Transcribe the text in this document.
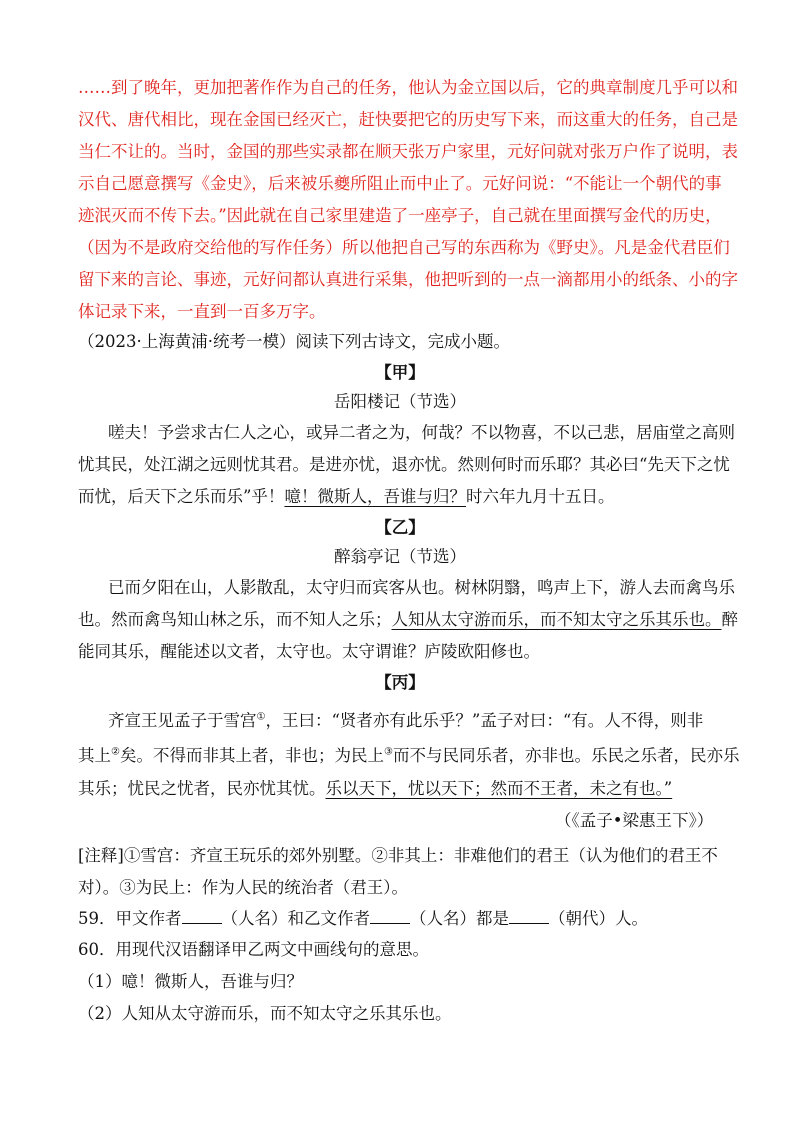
……到了晚年，更加把著作作为自己的任务，他认为金立国以后，它的典章制度几乎可以和

汉代、唐代相比，现在金国已经灭亡，赶快要把它的历史写下来，而这重大的任务，自己是

当仁不让的。当时，金国的那些实录都在顺天张万户家里，元好问就对张万户作了说明，表

示自己愿意撰写《金史》，后来被乐夔所阻止而中止了。元好问说：“不能让一个朝代的事

迹泯灭而不传下去。”因此就在自己家里建造了一座亭子，自己就在里面撰写金代的历史，

（因为不是政府交给他的写作任务）所以他把自己写的东西称为《野史》。凡是金代君臣们

留下来的言论、事迹，元好问都认真进行采集，他把听到的一点一滴都用小的纸条、小的字

体记录下来，一直到一百多万字。

（2023·上海黄浦·统考一模）阅读下列古诗文，完成小题。
【甲】
岳阳楼记（节选）
嗟夫！予尝求古仁人之心，或异二者之为，何哉？不以物喜，不以己悲，居庙堂之高则
忧其民，处江湖之远则忧其君。是进亦忧，退亦忧。然则何时而乐耶？其必曰“先天下之忧
而忧，后天下之乐而乐”乎！噫！微斯人，吾谁与归？时六年九月十五日。
【乙】
醉翁亭记（节选）
已而夕阳在山，人影散乱，太守归而宾客从也。树林阴翳，鸣声上下，游人去而禽鸟乐
也。然而禽鸟知山林之乐，而不知人之乐；人知从太守游而乐，而不知太守之乐其乐也。醉
能同其乐，醒能述以文者，太守也。太守谓谁？庐陵欧阳修也。
【丙】
齐宣王见孟子于雪宫①，王曰：“贤者亦有此乐乎？”孟子对曰：“有。人不得，则非
其上②矣。不得而非其上者，非也；为民上③而不与民同乐者，亦非也。乐民之乐者，民亦乐
其乐；忧民之忧者，民亦忧其忧。乐以天下，忧以天下；然而不王者，未之有也。”
（《孟子•梁惠王下》）
[注释]①雪宫：齐宣王玩乐的郊外别墅。②非其上：非难他们的君王（认为他们的君王不
对）。③为民上：作为人民的统治者（君王）。
59．甲文作者 （人名）和乙文作者 （人名）都是 （朝代）人。
60．用现代汉语翻译甲乙两文中画线句的意思。
（1）噫！微斯人，吾谁与归？
（2）人知从太守游而乐，而不知太守之乐其乐也。
